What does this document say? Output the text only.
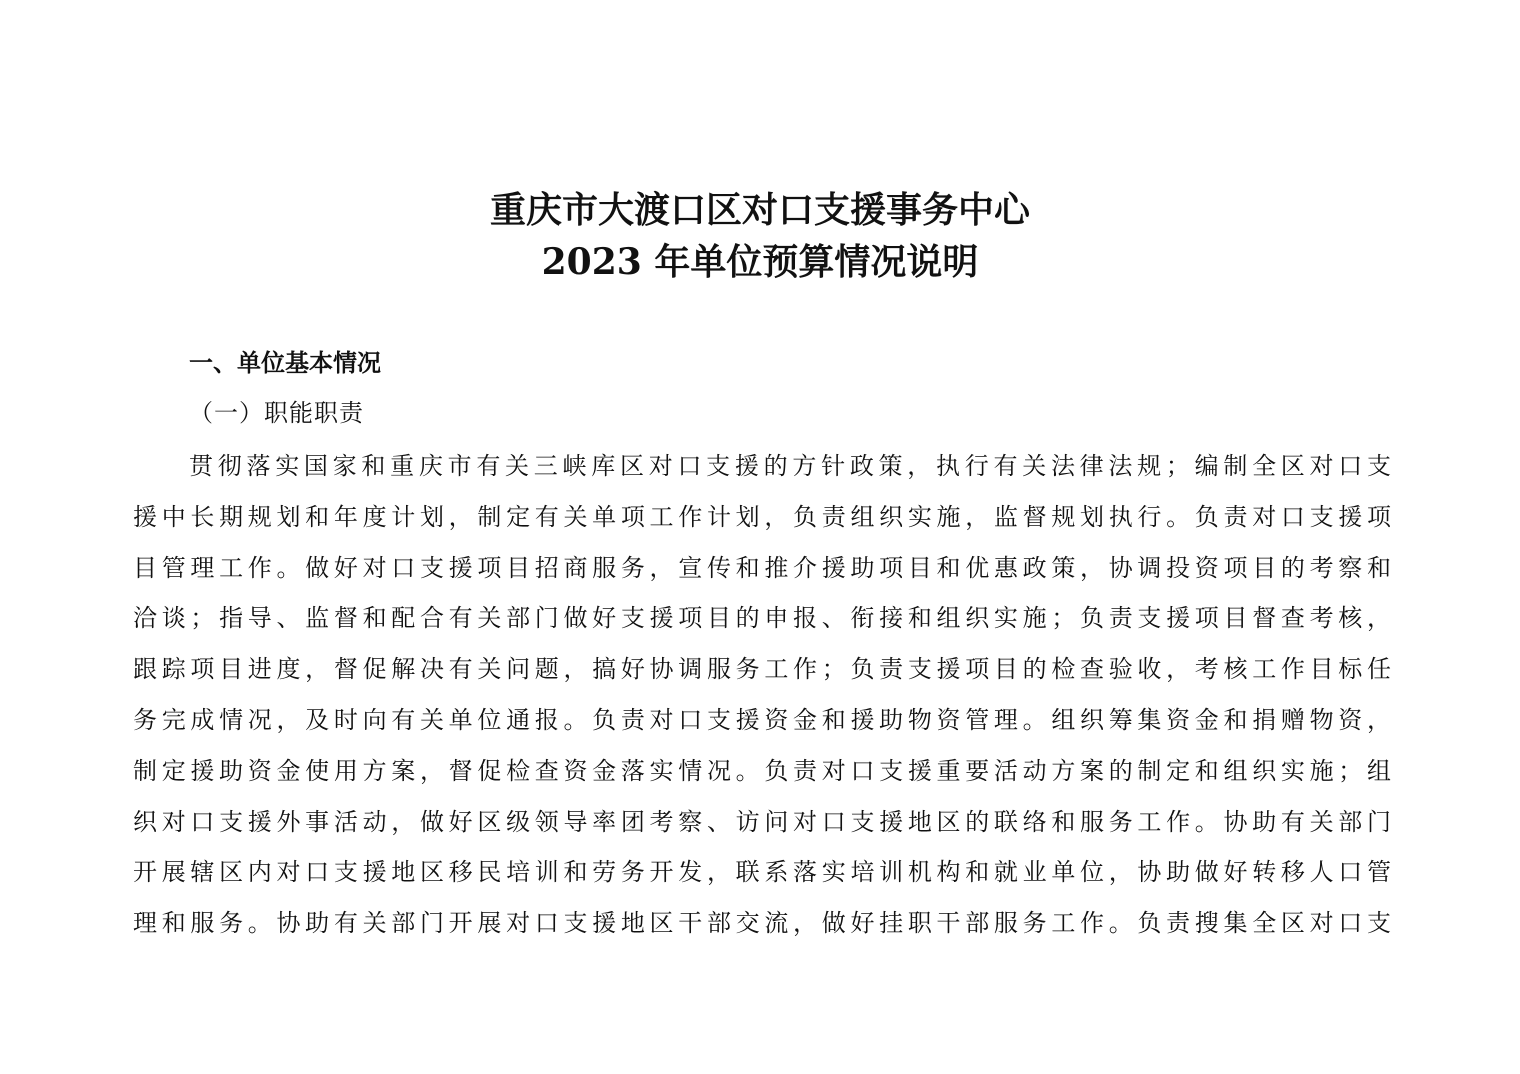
重庆市大渡口区对口支援事务中心
2023 年单位预算情况说明
一、单位基本情况
（一）职能职责
贯彻落实国家和重庆市有关三峡库区对口支援的方针政策，执行有关法律法规；编制全区对口支
援中长期规划和年度计划，制定有关单项工作计划，负责组织实施，监督规划执行。负责对口支援项
目管理工作。做好对口支援项目招商服务，宣传和推介援助项目和优惠政策，协调投资项目的考察和
洽谈；指导、监督和配合有关部门做好支援项目的申报、衔接和组织实施；负责支援项目督查考核，
跟踪项目进度，督促解决有关问题，搞好协调服务工作；负责支援项目的检查验收，考核工作目标任
务完成情况，及时向有关单位通报。负责对口支援资金和援助物资管理。组织筹集资金和捐赠物资，
制定援助资金使用方案，督促检查资金落实情况。负责对口支援重要活动方案的制定和组织实施；组
织对口支援外事活动，做好区级领导率团考察、访问对口支援地区的联络和服务工作。协助有关部门
开展辖区内对口支援地区移民培训和劳务开发，联系落实培训机构和就业单位，协助做好转移人口管
理和服务。协助有关部门开展对口支援地区干部交流，做好挂职干部服务工作。负责搜集全区对口支
